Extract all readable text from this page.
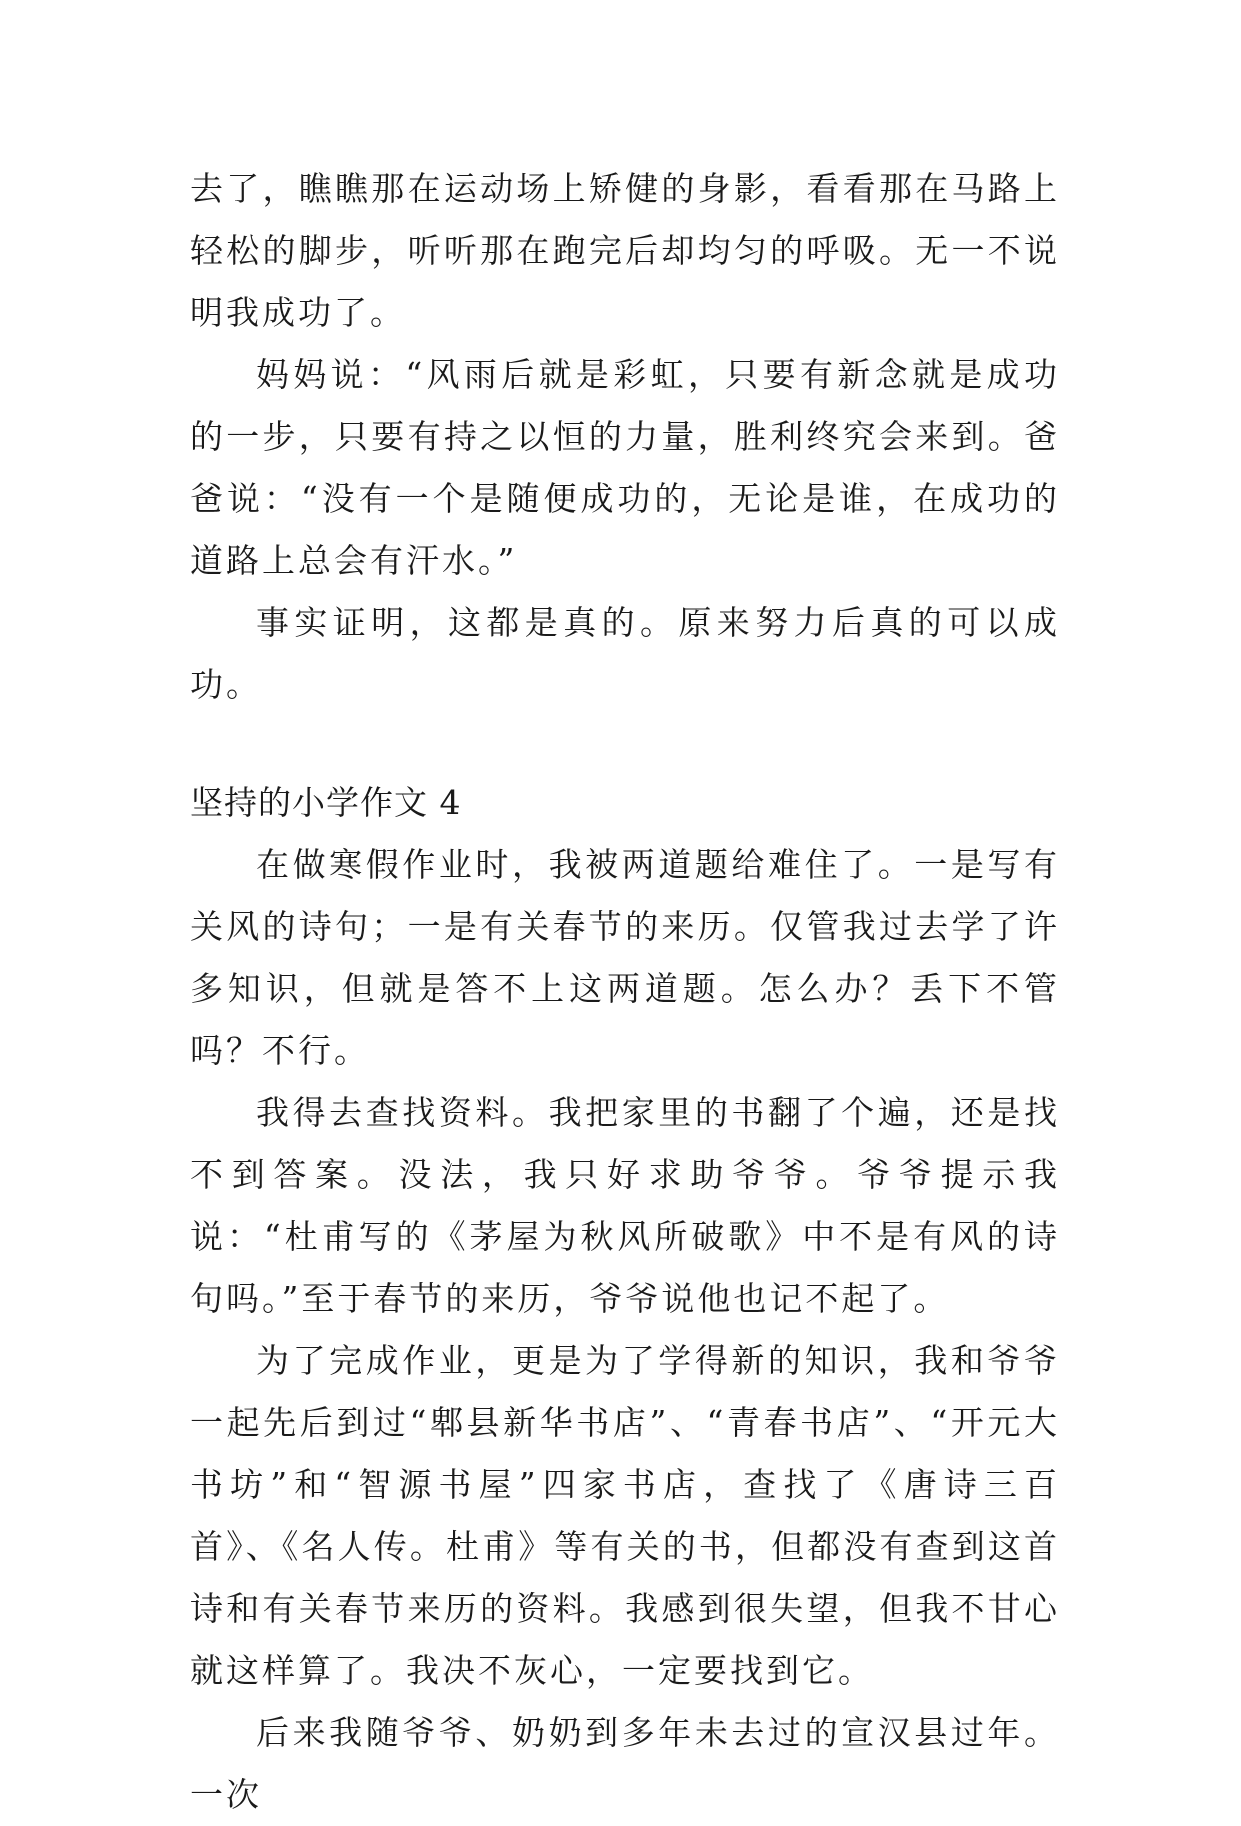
去了，瞧瞧那在运动场上矫健的身影，看看那在马路上轻松的脚步，听听那在跑完后却均匀的呼吸。无一不说明我成功了。

妈妈说：“风雨后就是彩虹，只要有新念就是成功的一步，只要有持之以恒的力量，胜利终究会来到。爸爸说：“没有一个是随便成功的，无论是谁，在成功的道路上总会有汗水。”

事实证明，这都是真的。原来努力后真的可以成功。

坚持的小学作文 4

在做寒假作业时，我被两道题给难住了。一是写有关风的诗句；一是有关春节的来历。仅管我过去学了许多知识，但就是答不上这两道题。怎么办？丢下不管吗？不行。

我得去查找资料。我把家里的书翻了个遍，还是找不到答案。没法，我只好求助爷爷。爷爷提示我说：“杜甫写的《茅屋为秋风所破歌》中不是有风的诗句吗。”至于春节的来历，爷爷说他也记不起了。

为了完成作业，更是为了学得新的知识，我和爷爷一起先后到过“郫县新华书店”、“青春书店”、“开元大书坊”和“智源书屋”四家书店，查找了《唐诗三百首》、《名人传。杜甫》等有关的书，但都没有查到这首诗和有关春节来历的资料。我感到很失望，但我不甘心就这样算了。我决不灰心，一定要找到它。

后来我随爷爷、奶奶到多年未去过的宣汉县过年。一次
